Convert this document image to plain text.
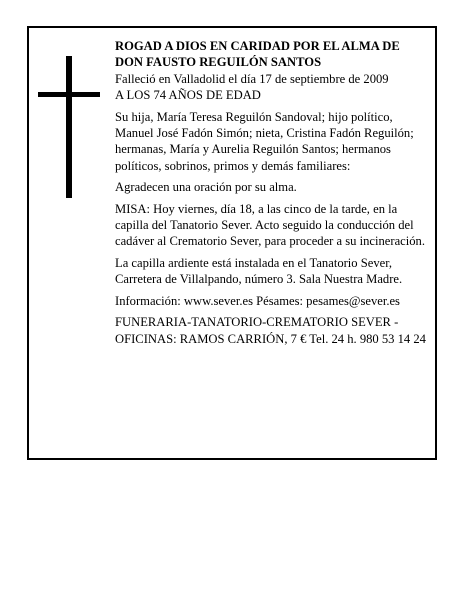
ROGAD A DIOS EN CARIDAD POR EL ALMA DE DON FAUSTO REGUILÓN SANTOS

Falleció en Valladolid el día 17 de septiembre de 2009

A LOS 74 AÑOS DE EDAD

Su hija, María Teresa Reguilón Sandoval; hijo político, Manuel José Fadón Simón; nieta, Cristina Fadón Reguilón; hermanas, María y Aurelia Reguilón Santos; hermanos políticos, sobrinos, primos y demás familiares:

Agradecen una oración por su alma.

MISA: Hoy viernes, día 18, a las cinco de la tarde, en la capilla del Tanatorio Sever. Acto seguido la conducción del cadáver al Crematorio Sever, para proceder a su incineración.

La capilla ardiente está instalada en el Tanatorio Sever, Carretera de Villalpando, número 3. Sala Nuestra Madre.

Información: www.sever.es Pésames: pesames@sever.es

FUNERARIA-TANATORIO-CREMATORIO SEVER - OFICINAS: RAMOS CARRIÓN, 7 € Tel. 24 h. 980 53 14 24
